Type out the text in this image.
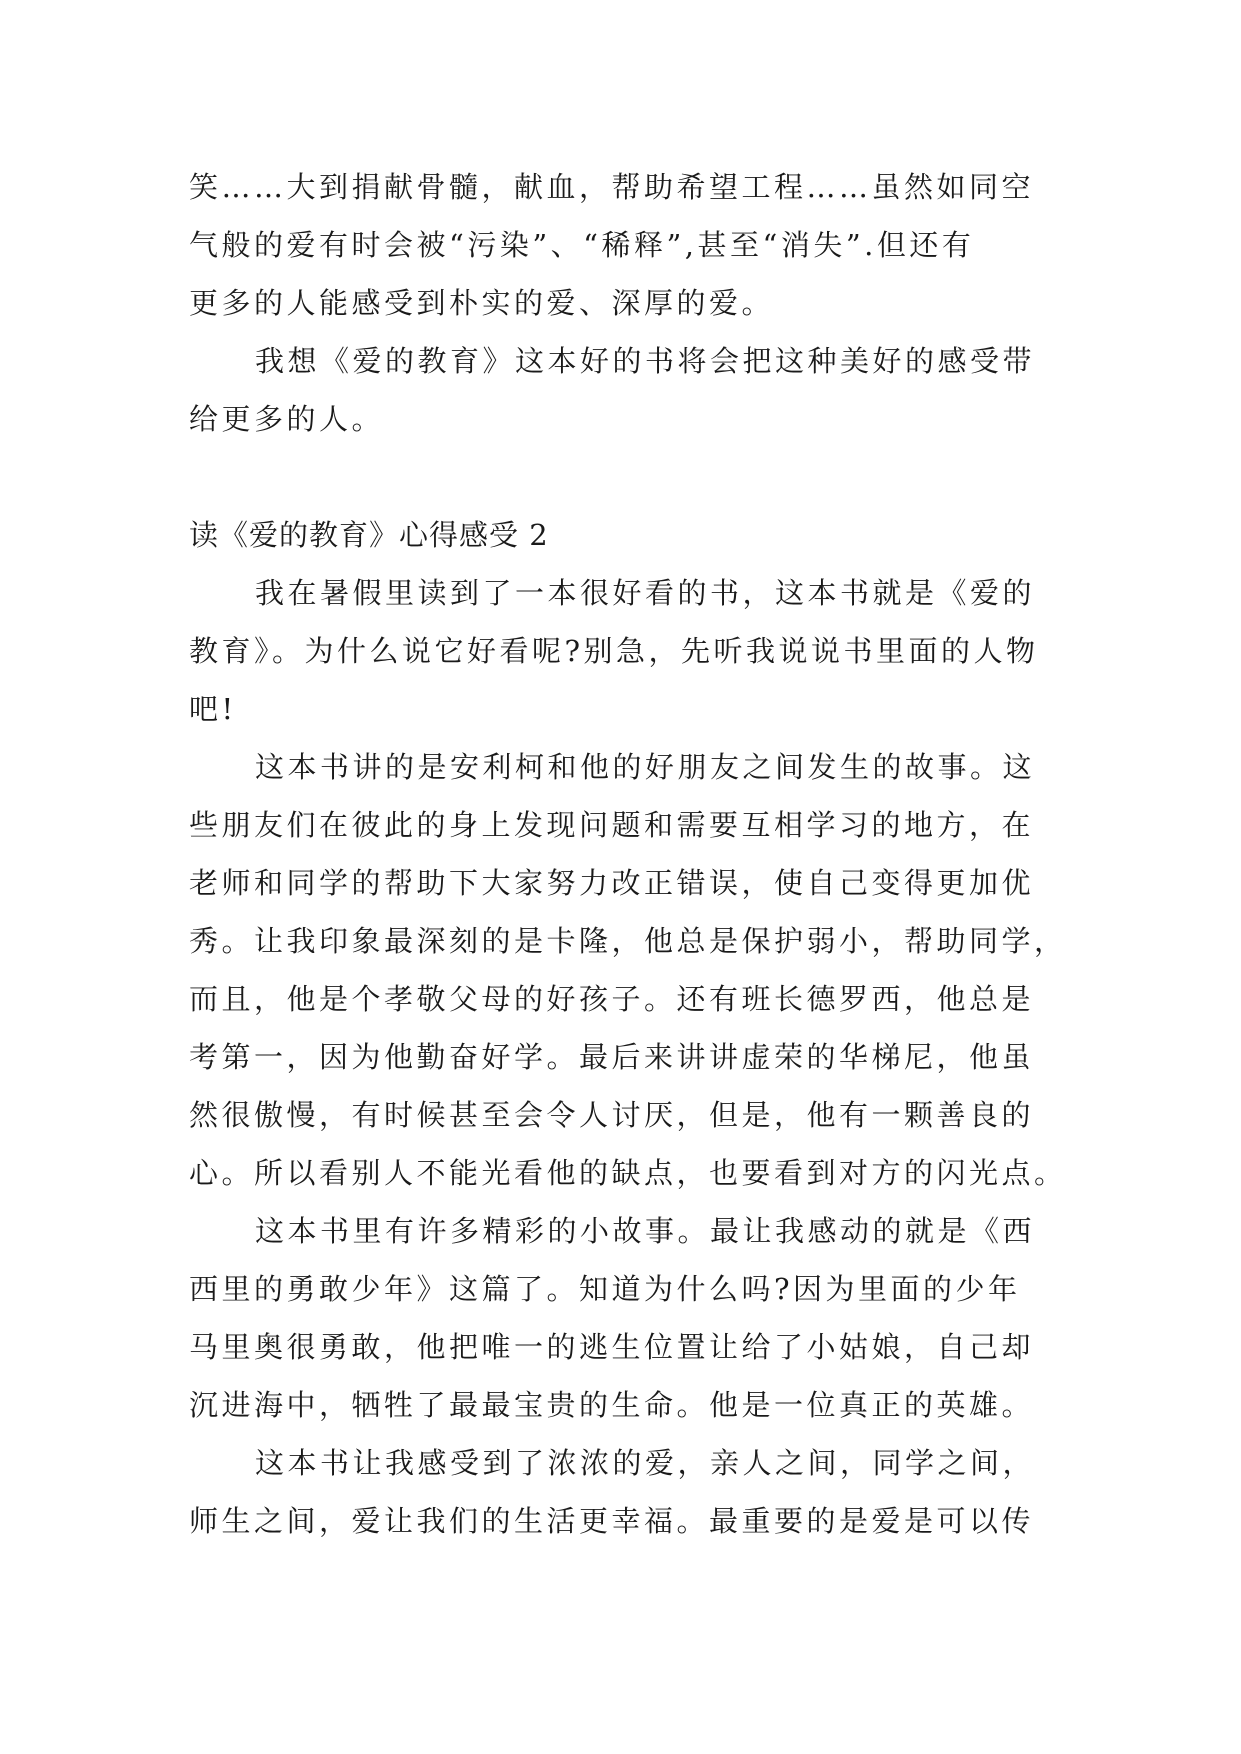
笑……大到捐献骨髓，献血，帮助希望工程……虽然如同空
气般的爱有时会被“污染”、“稀释”,甚至“消失”.但还有
更多的人能感受到朴实的爱、深厚的爱。

我想《爱的教育》这本好的书将会把这种美好的感受带
给更多的人。

读《爱的教育》心得感受 2

我在暑假里读到了一本很好看的书，这本书就是《爱的
教育》。为什么说它好看呢?别急，先听我说说书里面的人物
吧!

这本书讲的是安利柯和他的好朋友之间发生的故事。这
些朋友们在彼此的身上发现问题和需要互相学习的地方，在
老师和同学的帮助下大家努力改正错误，使自己变得更加优
秀。让我印象最深刻的是卡隆，他总是保护弱小，帮助同学，
而且，他是个孝敬父母的好孩子。还有班长德罗西，他总是
考第一，因为他勤奋好学。最后来讲讲虚荣的华梯尼，他虽
然很傲慢，有时候甚至会令人讨厌，但是，他有一颗善良的
心。所以看别人不能光看他的缺点，也要看到对方的闪光点。

这本书里有许多精彩的小故事。最让我感动的就是《西
西里的勇敢少年》这篇了。知道为什么吗?因为里面的少年
马里奥很勇敢，他把唯一的逃生位置让给了小姑娘，自己却
沉进海中，牺牲了最最宝贵的生命。他是一位真正的英雄。

这本书让我感受到了浓浓的爱，亲人之间，同学之间，
师生之间，爱让我们的生活更幸福。最重要的是爱是可以传
